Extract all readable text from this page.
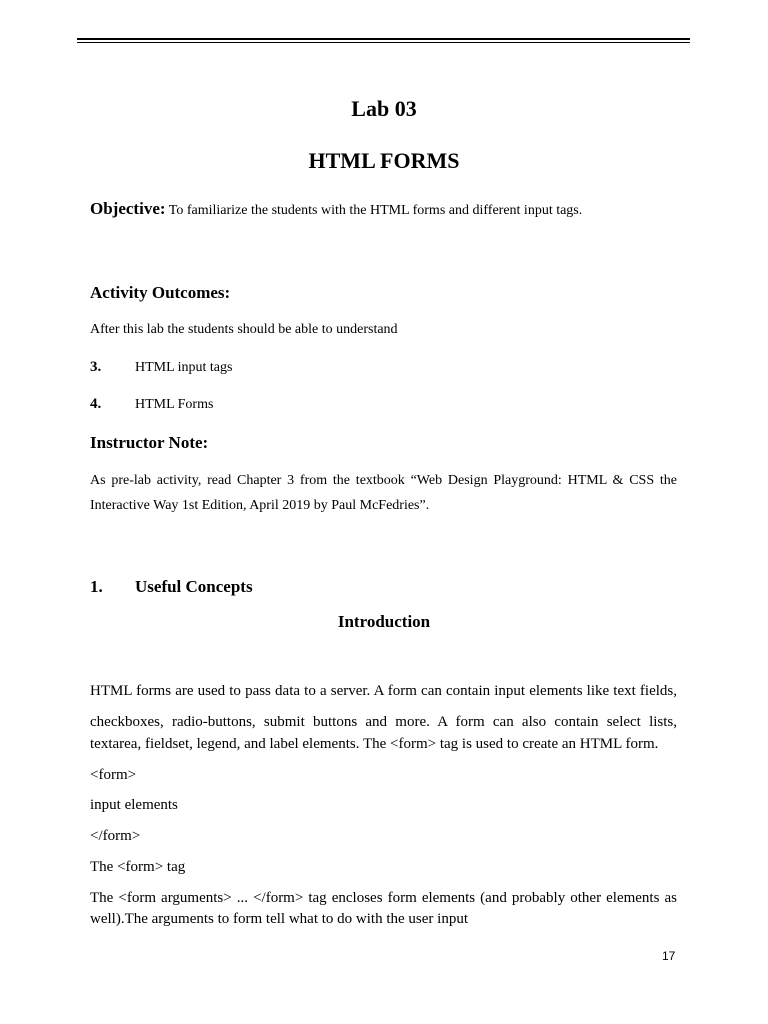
Lab 03
HTML FORMS
Objective: To familiarize the students with the HTML forms and different input tags.
Activity Outcomes:
After this lab the students should be able to understand
3. HTML input tags
4. HTML Forms
Instructor Note:
As pre-lab activity, read Chapter 3 from the textbook “Web Design Playground: HTML & CSS the
Interactive Way 1st Edition, April 2019 by Paul McFedries”.
1. Useful Concepts
Introduction
HTML forms are used to pass data to a server. A form can contain input elements like text fields,
checkboxes, radio-buttons, submit buttons and more. A form can also contain select lists,
textarea, fieldset, legend, and label elements. The <form> tag is used to create an HTML form.
<form>
input elements
</form>
The <form> tag
The <form arguments> ... </form> tag encloses form elements (and probably other elements as
well).The arguments to form tell what to do with the user input
17
